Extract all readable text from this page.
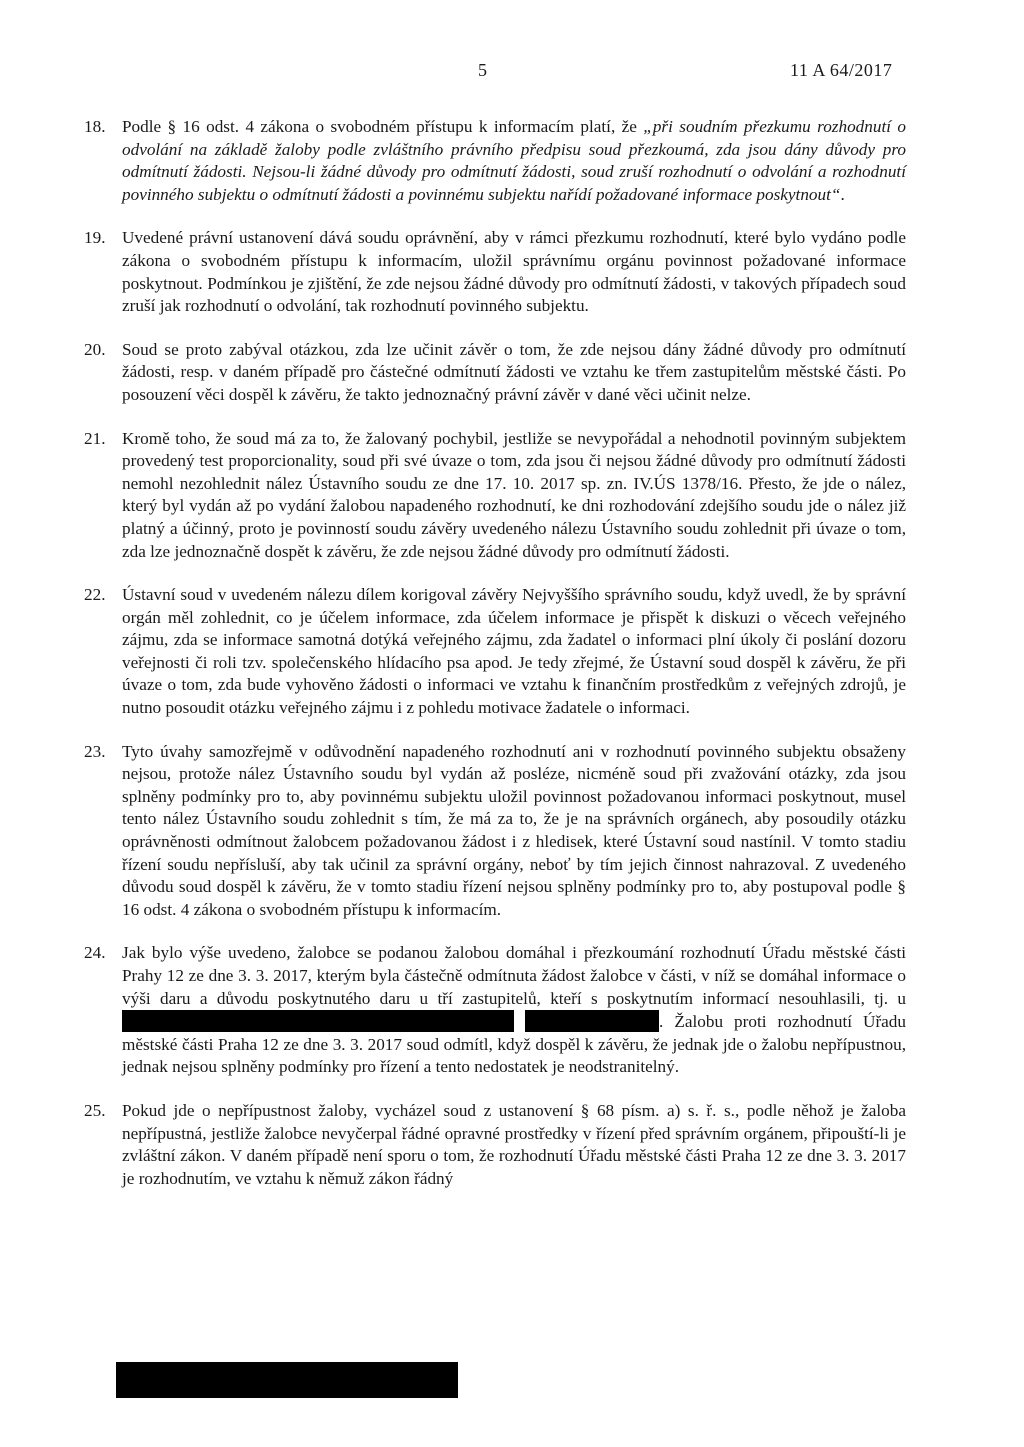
5	11 A 64/2017

18. Podle § 16 odst. 4 zákona o svobodném přístupu k informacím platí, že „při soudním přezkumu rozhodnutí o odvolání na základě žaloby podle zvláštního právního předpisu soud přezkoumá, zda jsou dány důvody pro odmítnutí žádosti. Nejsou-li žádné důvody pro odmítnutí žádosti, soud zruší rozhodnutí o odvolání a rozhodnutí povinného subjektu o odmítnutí žádosti a povinnému subjektu nařídí požadované informace poskytnout“.

19. Uvedené právní ustanovení dává soudu oprávnění, aby v rámci přezkumu rozhodnutí, které bylo vydáno podle zákona o svobodném přístupu k informacím, uložil správnímu orgánu povinnost požadované informace poskytnout. Podmínkou je zjištění, že zde nejsou žádné důvody pro odmítnutí žádosti, v takových případech soud zruší jak rozhodnutí o odvolání, tak rozhodnutí povinného subjektu.

20. Soud se proto zabýval otázkou, zda lze učinit závěr o tom, že zde nejsou dány žádné důvody pro odmítnutí žádosti, resp. v daném případě pro částečné odmítnutí žádosti ve vztahu ke třem zastupitelům městské části. Po posouzení věci dospěl k závěru, že takto jednoznačný právní závěr v dané věci učinit nelze.

21. Kromě toho, že soud má za to, že žalovaný pochybil, jestliže se nevypořádal a nehodnotil povinným subjektem provedený test proporcionality, soud při své úvaze o tom, zda jsou či nejsou žádné důvody pro odmítnutí žádosti nemohl nezohlednit nález Ústavního soudu ze dne 17. 10. 2017 sp. zn. IV.ÚS 1378/16. Přesto, že jde o nález, který byl vydán až po vydání žalobou napadeného rozhodnutí, ke dni rozhodování zdejšího soudu jde o nález již platný a účinný, proto je povinností soudu závěry uvedeného nálezu Ústavního soudu zohlednit při úvaze o tom, zda lze jednoznačně dospět k závěru, že zde nejsou žádné důvody pro odmítnutí žádosti.

22. Ústavní soud v uvedeném nálezu dílem korigoval závěry Nejvyššího správního soudu, když uvedl, že by správní orgán měl zohlednit, co je účelem informace, zda účelem informace je přispět k diskuzi o věcech veřejného zájmu, zda se informace samotná dotýká veřejného zájmu, zda žadatel o informaci plní úkoly či poslání dozoru veřejnosti či roli tzv. společenského hlídacího psa apod. Je tedy zřejmé, že Ústavní soud dospěl k závěru, že při úvaze o tom, zda bude vyhověno žádosti o informaci ve vztahu k finančním prostředkům z veřejných zdrojů, je nutno posoudit otázku veřejného zájmu i z pohledu motivace žadatele o informaci.

23. Tyto úvahy samozřejmě v odůvodnění napadeného rozhodnutí ani v rozhodnutí povinného subjektu obsaženy nejsou, protože nález Ústavního soudu byl vydán až posléze, nicméně soud při zvažování otázky, zda jsou splněny podmínky pro to, aby povinnému subjektu uložil povinnost požadovanou informaci poskytnout, musel tento nález Ústavního soudu zohlednit s tím, že má za to, že je na správních orgánech, aby posoudily otázku oprávněnosti odmítnout žalobcem požadovanou žádost i z hledisek, které Ústavní soud nastínil. V tomto stadiu řízení soudu nepřísluší, aby tak učinil za správní orgány, neboť by tím jejich činnost nahrazoval. Z uvedeného důvodu soud dospěl k závěru, že v tomto stadiu řízení nejsou splněny podmínky pro to, aby postupoval podle § 16 odst. 4 zákona o svobodném přístupu k informacím.

24. Jak bylo výše uvedeno, žalobce se podanou žalobou domáhal i přezkoumání rozhodnutí Úřadu městské části Prahy 12 ze dne 3. 3. 2017, kterým byla částečně odmítnuta žádost žalobce v části, v níž se domáhal informace o výši daru a důvodu poskytnutého daru u tří zastupitelů, kteří s poskytnutím informací nesouhlasili, tj. u  . Žalobu proti rozhodnutí Úřadu městské části Praha 12 ze dne 3. 3. 2017 soud odmítl, když dospěl k závěru, že jednak jde o žalobu nepřípustnou, jednak nejsou splněny podmínky pro řízení a tento nedostatek je neodstranitelný.

25. Pokud jde o nepřípustnost žaloby, vycházel soud z ustanovení § 68 písm. a) s. ř. s., podle něhož je žaloba nepřípustná, jestliže žalobce nevyčerpal řádné opravné prostředky v řízení před správním orgánem, připouští-li je zvláštní zákon. V daném případě není sporu o tom, že rozhodnutí Úřadu městské části Praha 12 ze dne 3. 3. 2017 je rozhodnutím, ve vztahu k němuž zákon řádný
